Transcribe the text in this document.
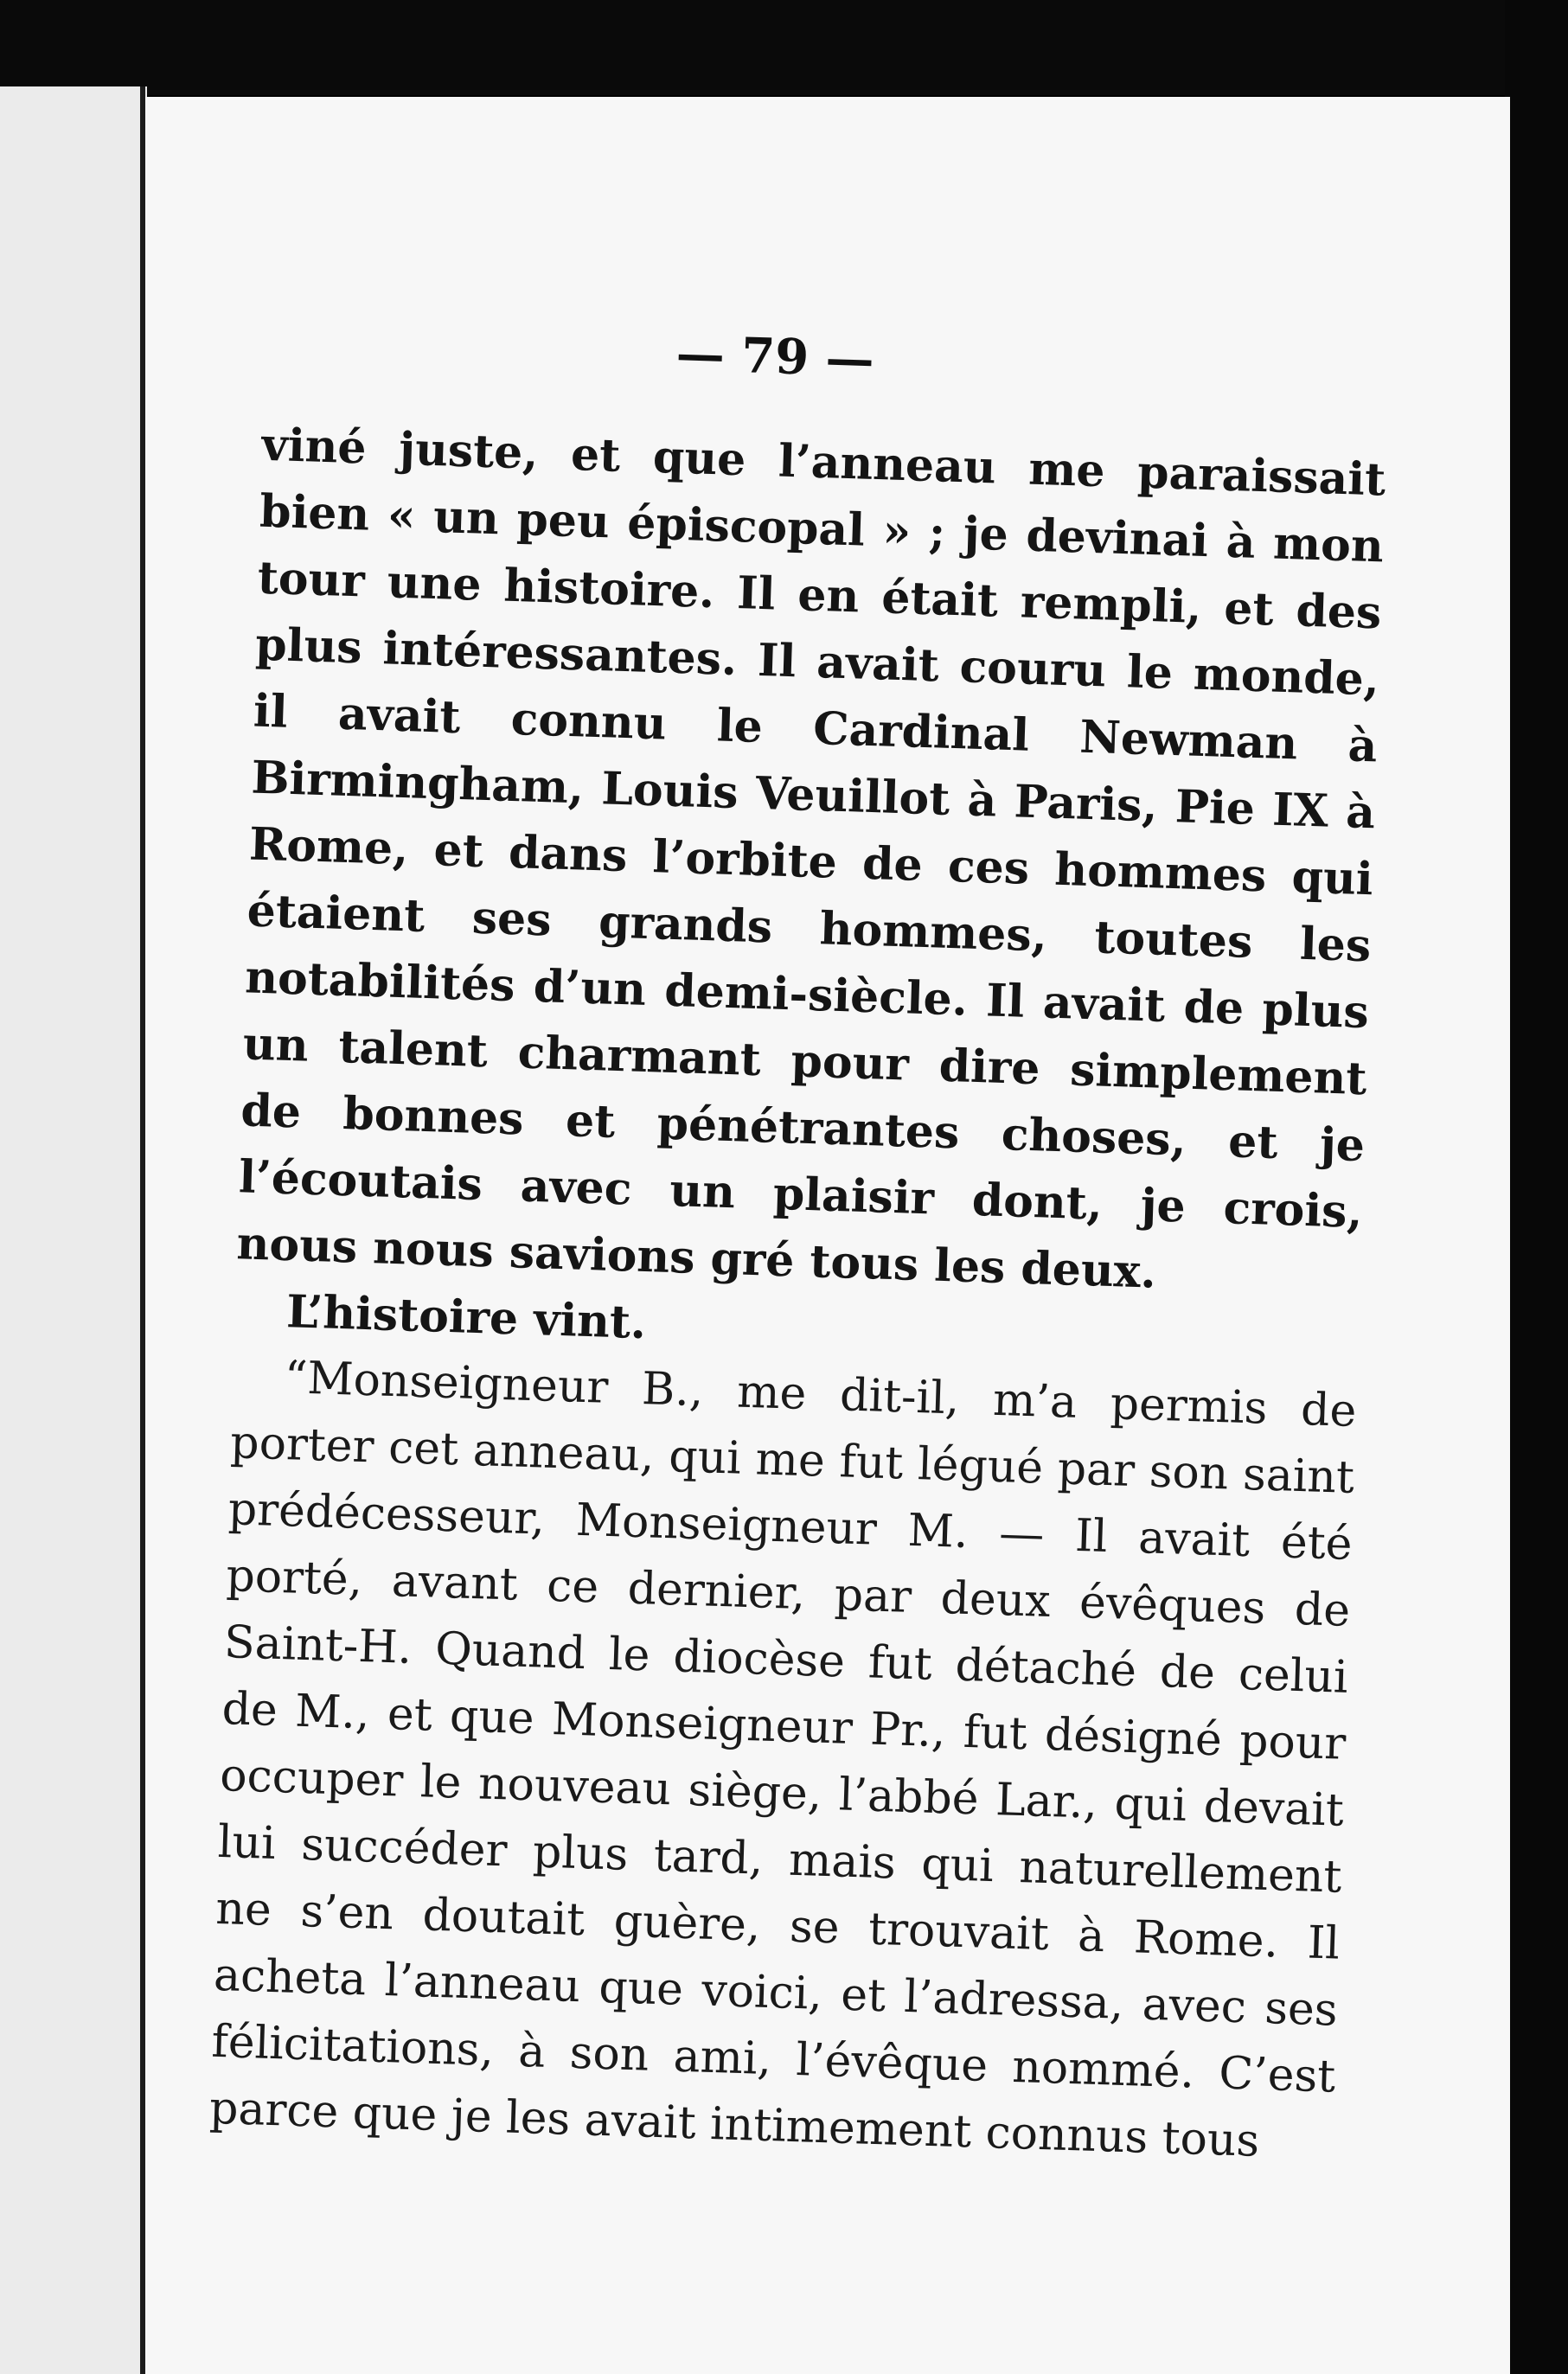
— 79 —

viné juste, et que l’anneau me paraissait bien « un peu épiscopal » ; je devinai à mon tour une histoire. Il en était rempli, et des plus intéressantes. Il avait couru le monde, il avait connu le Cardinal Newman à Birmingham, Louis Veuillot à Paris, Pie IX à Rome, et dans l’orbite de ces hommes qui étaient ses grands hommes, toutes les notabilités d’un demi-siècle. Il avait de plus un talent charmant pour dire simplement de bonnes et pénétrantes choses, et je l’écoutais avec un plaisir dont, je crois, nous nous savions gré tous les deux.

L’histoire vint.

“Monseigneur B., me dit-il, m’a permis de porter cet anneau, qui me fut légué par son saint prédécesseur, Monseigneur M. — Il avait été porté, avant ce dernier, par deux évêques de Saint-H. Quand le diocèse fut détaché de celui de M., et que Monseigneur Pr., fut désigné pour occuper le nouveau siège, l’abbé Lar., qui devait lui succéder plus tard, mais qui naturellement ne s’en doutait guère, se trouvait à Rome. Il acheta l’anneau que voici, et l’adressa, avec ses félicitations, à son ami, l’évêque nommé. C’est parce que je les avait intimement connus tous
